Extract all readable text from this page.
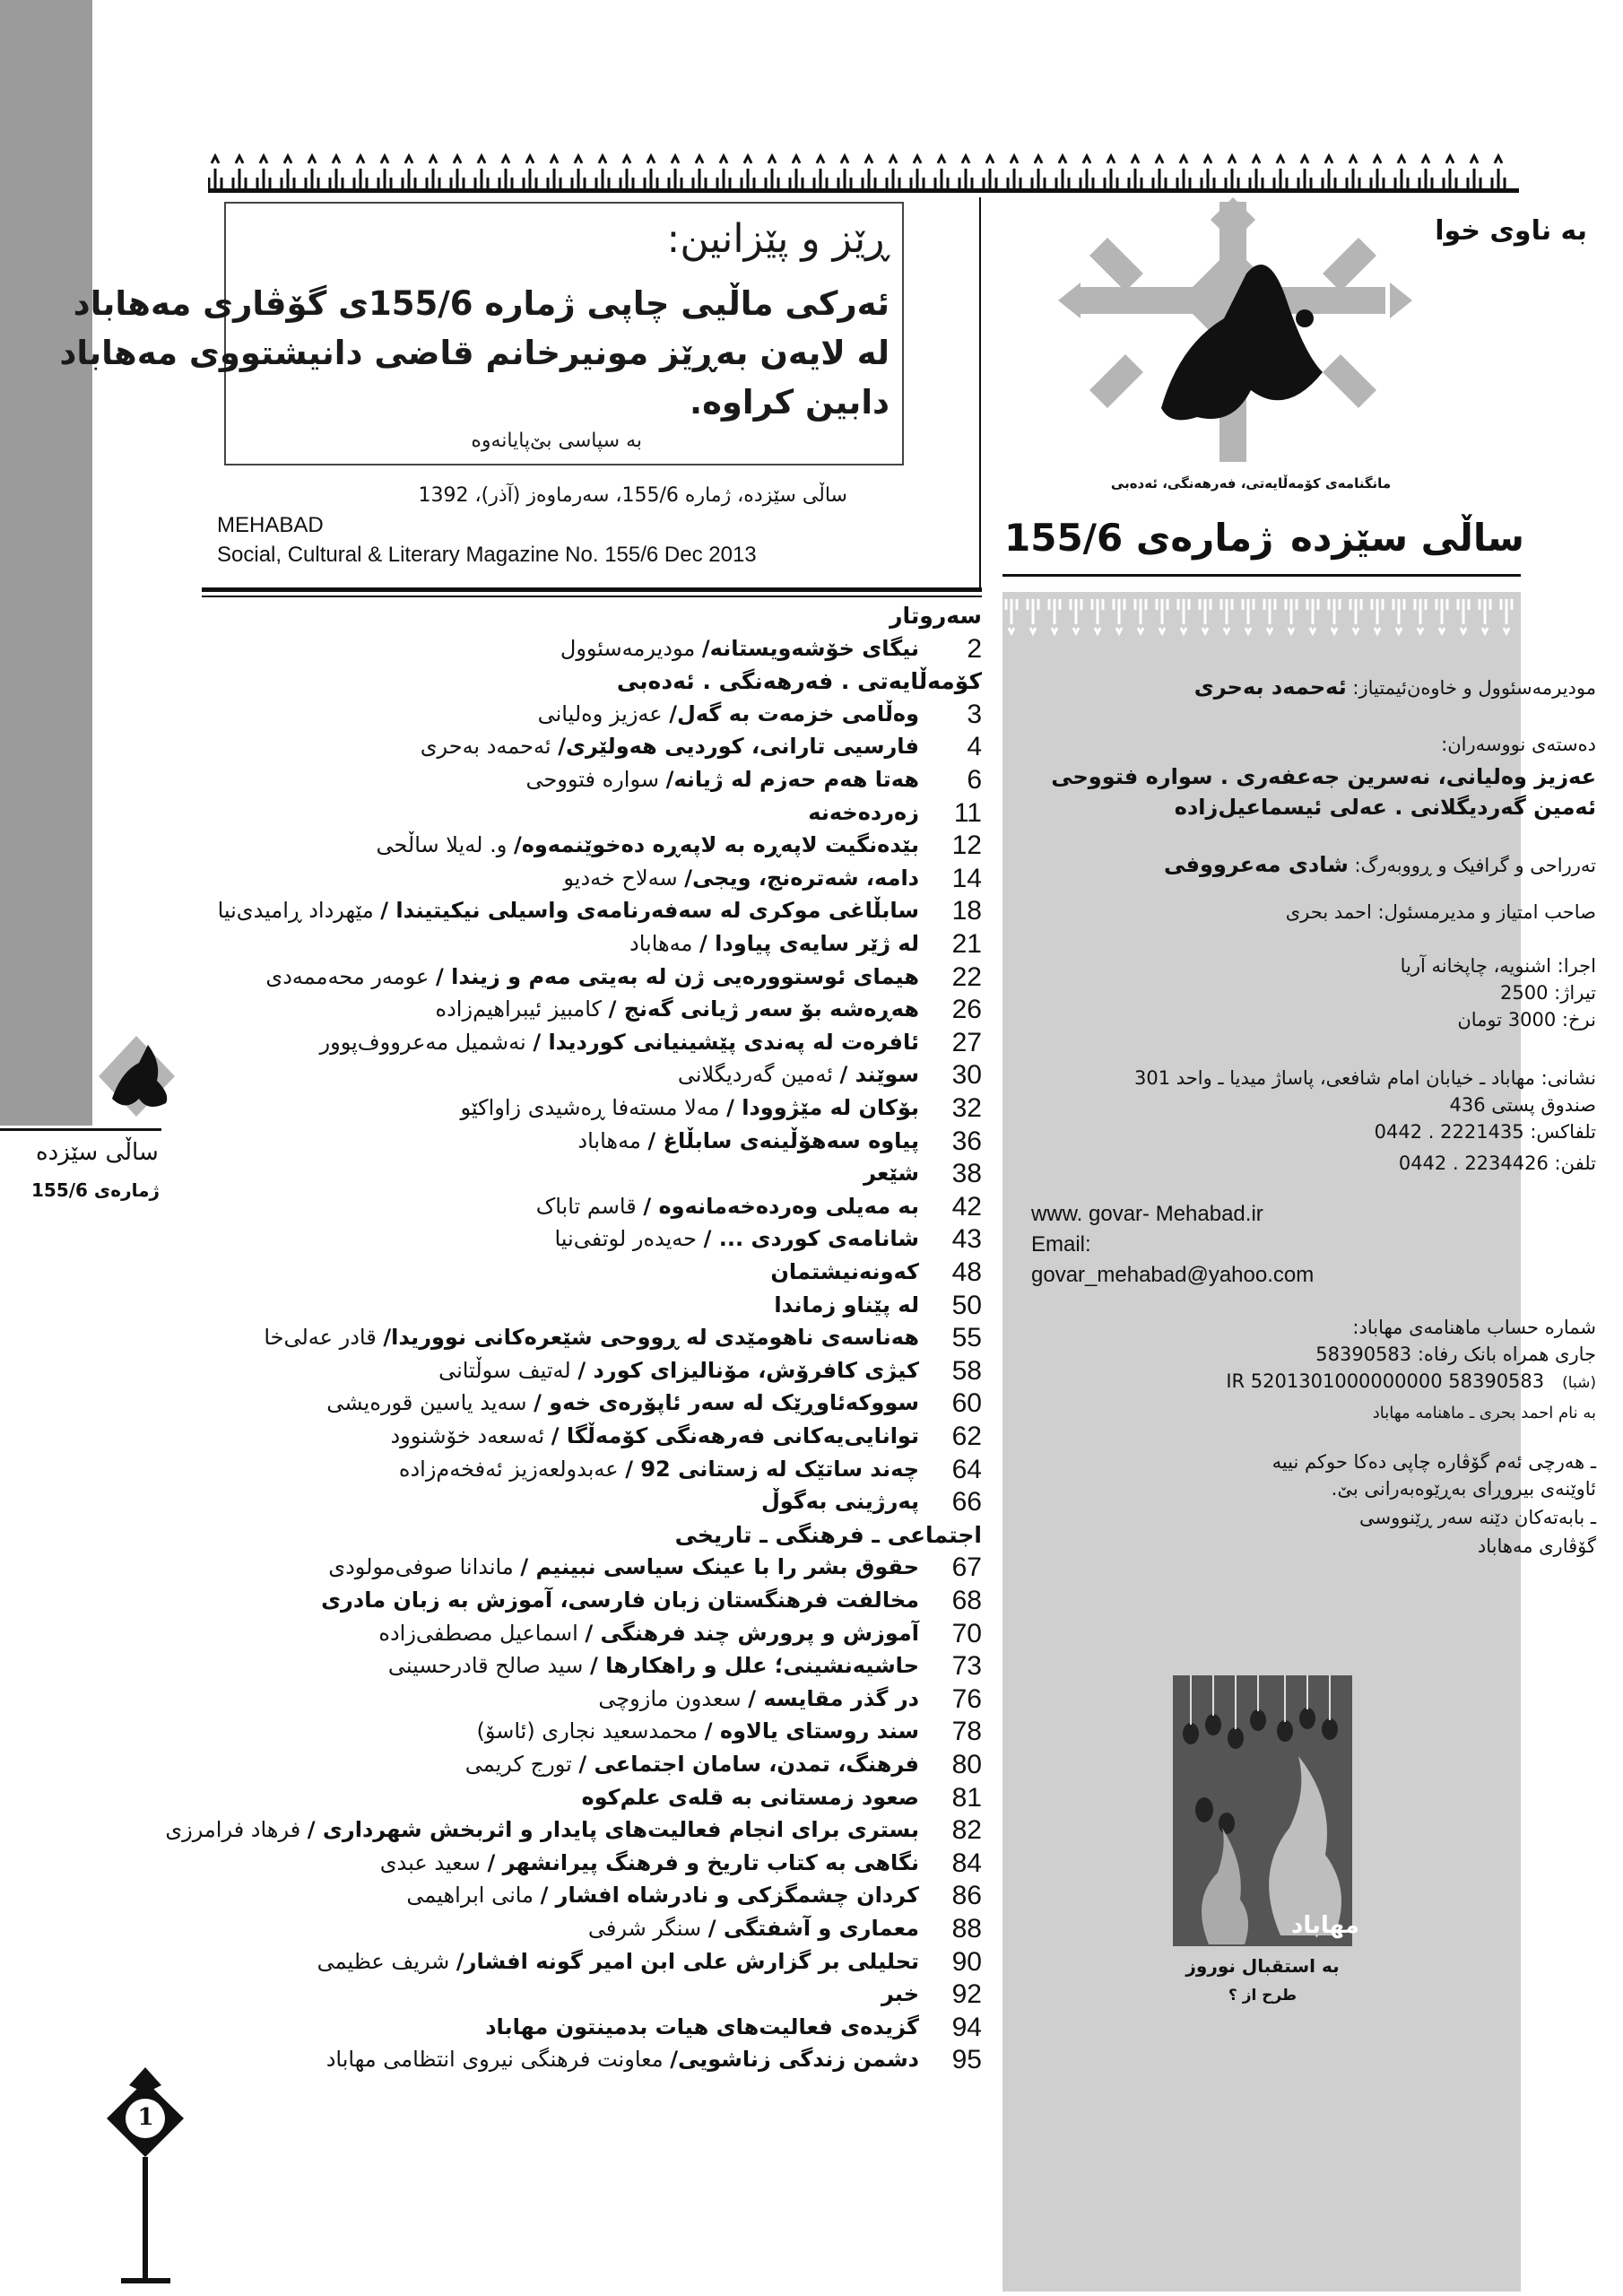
به ناوی خوا
مانگنامەی کۆمەڵایەتی، فەرهەنگی، ئەدەبی
ساڵی سێزدە
ژمارەی 155/6
ڕێز و پێزانین:
ئەرکی ماڵیی چاپی ژمارە 155/6ی گۆڤاری مەهاباد
لە لایەن بەڕێز مونیرخانم قاضی دانیشتووی مەهاباد
دابین کراوە.
بە سپاسی بێ‌پایانەوە
ساڵی سێزدە، ژمارە 155/6، سەرماوەز (آذر)، 1392
MEHABAD
Social, Cultural & Literary Magazine No. 155/6 Dec 2013
سەروتار
2
نیگای خۆشەویستانە/ مودیرمەسئوول
کۆمەڵایەتی . فەرهەنگی . ئەدەبی
3
وەڵامی خزمەت بە گەل/ عەزیز وەلیانی
4
فارسیی تارانی، کوردیی هەولێری/ ئەحمەد بەحری
6
هەتا هەم حەزم لە ژیانە/ سوارە فتووحی
11
زەردەخەنە
12
بێدەنگیت لاپەڕە بە لاپەڕە دەخوێنمەوە/ و. لەیلا ساڵحی
14
دامە، شەترەنج، ویجی/ سەلاح خەدیو
18
سابڵاغی موکری لە سەفەرنامەی واسیلی نیکیتیندا / مێهرداد ڕامیدی‌نیا
21
لە ژێر سایەی پیاودا / مەهاباد
22
هیمای ئوستوورەیی ژن لە بەیتی مەم و زیندا / عومەر محەممەدی
26
هەڕەشە بۆ سەر ژیانی گەنج / کامبیز ئیبراهیم‌زادە
27
ئافرەت لە پەندی پێشینیانی کوردیدا / نەشمیل مەعرووف‌پوور
30
سوێند / ئەمین گەردیگلانی
32
بۆکان لە مێژوودا / مەلا مستەفا ڕەشیدی زاواکێو
36
پیاوە سەهۆڵینەی سابڵاغ / مەهاباد
38
شێعر
42
بە مەیلی وەردەخەمانەوە / قاسم تاباک
43
شانامەی کوردی ... / حەیدەر لوتفی‌نیا
48
کەونەنیشتمان
50
لە پێناو زماندا
55
هەناسەی ناهومێدی لە ڕووحی شێعرەکانی نووریدا/ قادر عەلی‌خا
58
کیژی کافرۆش، مۆنالیزای کورد / لەتیف سوڵتانی
60
سووکەئاوڕێک لە سەر ئاپۆرەی خەو / سەید یاسین قورەیشی
62
توانایی‌یەکانی فەرهەنگی کۆمەڵگا / ئەسعەد خۆشنوود
64
چەند ساتێک لە زستانی 92 / عەبدولعەزیز ئەفخەم‌زادە
66
پەرژینی بەگوڵ
اجتماعی ـ فرهنگی ـ تاریخی
67
حقوق بشر را با عینک سیاسی نبینیم / ماندانا صوفی‌مولودی
68
مخالفت فرهنگستان زبان فارسی، آموزش به زبان مادری
70
آموزش و پرورش چند فرهنگی / اسماعیل مصطفی‌زاده
73
حاشیه‌نشینی؛ علل و راهکارها / سید صالح قادرحسینی
76
در گذر مقایسه / سعدون مازوچی
78
سند روستای یالاوه / محمدسعید نجاری (ئاسۆ)
80
فرهنگ، تمدن، سامان اجتماعی / تورج کریمی
81
صعود زمستانی به قله‌ی علم‌کوه
82
بستری برای انجام فعالیت‌های پایدار و اثربخش شهرداری / فرهاد فرامرزی
84
نگاهی به کتاب تاریخ و فرهنگ پیرانشهر / سعید عبدی
86
کردان چشمگزکی و نادرشاه افشار / مانی ابراهیمی
88
معماری و آشفتگی / سنگر شرفی
90
تحلیلی بر گزارش علی ابن امیر گونه افشار/ شریف عظیمی
92
خبر
94
گزیده‌ی فعالیت‌های هیات بدمینتون مهاباد
95
دشمن زندگی زناشویی/ معاونت فرهنگی نیروی انتظامی مهاباد
مودیرمەسئوول و خاوەن‌ئیمتیاز: ئەحمەد بەحری
دەستەی نووسەران:
عەزیز وەلیانی، نەسرین جەعفەری . سوارە فتووحی
ئەمین گەردیگلانی . عەلی ئیسماعیل‌زادە
تەرراحی و گرافیک و ڕووبەرگ: شادی مەعرووفی
صاحب امتیاز و مدیرمسئول: احمد بحری
اجرا: اشنویه، چاپخانه آریا
تیراژ: 2500
نرخ: 3000 تومان
نشانی: مهاباد ـ خیابان امام شافعی، پاساژ میدیا ـ واحد 301
صندوق پستی 436
تلفاکس: 2221435 . 0442
تلفن: 2234426 . 0442
www. govar- Mehabad.ir
Email:
govar_mehabad@yahoo.com
شمارە حساب ماهنامەی مهاباد:
جاری همراه بانک رفاه: 58390583
(شبا)   IR 5201301000000000 58390583
به نام احمد بحری ـ ماهنامه مهاباد
ـ هەرچی ئەم گۆڤارە چاپی دەکا حوکم نییە
ئاوێنەی بیروڕای بەڕێوەبەرانی بێ.
ـ بابەتەکان دێنە سەر ڕێنووسی
گۆڤاری مەهاباد
مهاباد
به استقبال نوروز
طرح از ؟
ساڵی سێزدە
ژمارەی 155/6
1
